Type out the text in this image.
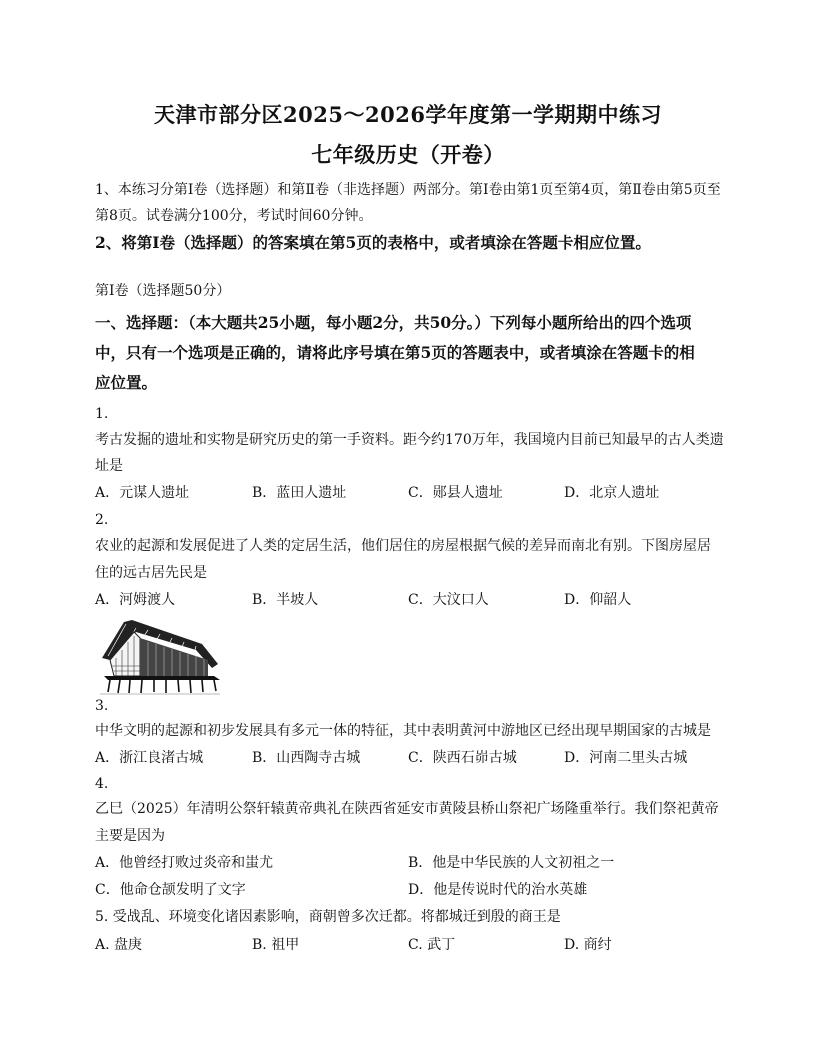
天津市部分区2025～2026学年度第一学期期中练习
七年级历史（开卷）
1、本练习分第Ⅰ卷（选择题）和第Ⅱ卷（非选择题）两部分。第Ⅰ卷由第1页至第4页，第Ⅱ卷由第5页至
第8页。试卷满分100分，考试时间60分钟。
2、将第Ⅰ卷（选择题）的答案填在第5页的表格中，或者填涂在答题卡相应位置。
第Ⅰ卷（选择题50分）
一、选择题：（本大题共25小题，每小题2分，共50分。）下列每小题所给出的四个选项
中，只有一个选项是正确的，请将此序号填在第5页的答题表中，或者填涂在答题卡的相
应位置。
1.
考古发掘的遗址和实物是研究历史的第一手资料。距今约170万年，我国境内目前已知最早的古人类遗
址是
A．元谋人遗址	B．蓝田人遗址	C．郧县人遗址	D．北京人遗址
2.
农业的起源和发展促进了人类的定居生活，他们居住的房屋根据气候的差异而南北有别。下图房屋居
住的远古居先民是
A．河姆渡人	B．半坡人	C．大汶口人	D．仰韶人
3.
中华文明的起源和初步发展具有多元一体的特征，其中表明黄河中游地区已经出现早期国家的古城是
A．浙江良渚古城	B．山西陶寺古城	C．陕西石峁古城	D．河南二里头古城
4.
乙巳（2025）年清明公祭轩辕黄帝典礼在陕西省延安市黄陵县桥山祭祀广场隆重举行。我们祭祀黄帝
主要是因为
A．他曾经打败过炎帝和蚩尤	B．他是中华民族的人文初祖之一
C．他命仓颉发明了文字	D．他是传说时代的治水英雄
5. 受战乱、环境变化诸因素影响，商朝曾多次迁都。将都城迁到殷的商王是
A. 盘庚	B. 祖甲	C. 武丁	D. 商纣
